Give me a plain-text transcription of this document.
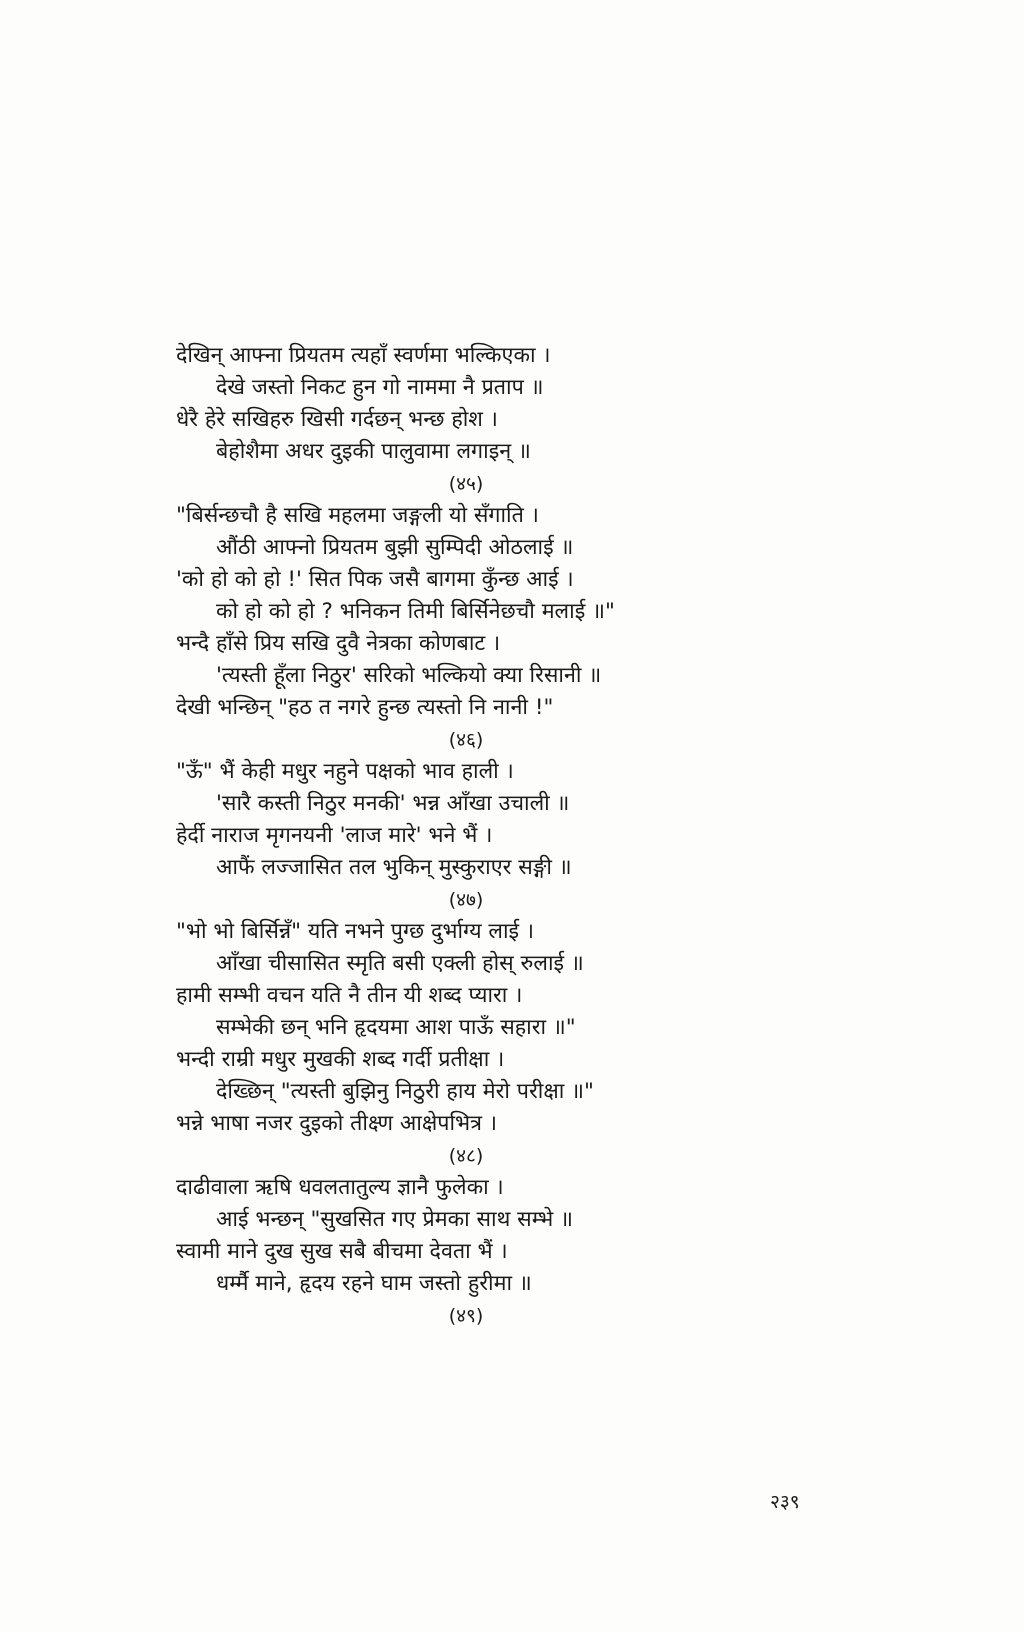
देखिन् आफ्ना प्रियतम त्यहाँ स्वर्णमा भल्किएका ।
देखे जस्तो निकट हुन गो नाममा नै प्रताप ॥
धेरै हेरे सखिहरु खिसी गर्दछन् भन्छ होश ।
बेहोशैमा अधर दुइकी पालुवामा लगाइन् ॥
(४५)
"बिर्सन्छचौ है सखि महलमा जङ्गली यो सँगाति ।
औंठी आफ्नो प्रियतम बुझी सुम्पिदी ओठलाई ॥
'को हो को हो !' सित पिक जसै बागमा कुँन्छ आई ।
को हो को हो ? भनिकन तिमी बिर्सिनेछचौ मलाई ॥"
भन्दै हाँसे प्रिय सखि दुवै नेत्रका कोणबाट ।
'त्यस्ती हूँला निठुर' सरिको भल्कियो क्या रिसानी ॥
देखी भन्छिन् "हठ त नगरे हुन्छ त्यस्तो नि नानी !"
(४६)
"ऊँ" भैं केही मधुर नहुने पक्षको भाव हाली ।
'सारै कस्ती निठुर मनकी' भन्न आँखा उचाली ॥
हेर्दी नाराज मृगनयनी 'लाज मारे' भने भैं ।
आफैं लज्जासित तल भुकिन् मुस्कुराएर सङ्गी ॥
(४७)
"भो भो बिर्सिन्नँ" यति नभने पुग्छ दुर्भाग्य लाई ।
आँखा चीसासित स्मृति बसी एक्ली होस् रुलाई ॥
हामी सम्भी वचन यति नै तीन यी शब्द प्यारा ।
सम्भेकी छन् भनि हृदयमा आश पाऊँ सहारा ॥"
भन्दी राम्री मधुर मुखकी शब्द गर्दी प्रतीक्षा ।
देख्छिन् "त्यस्ती बुझिनु निठुरी हाय मेरो परीक्षा ॥"
भन्ने भाषा नजर दुइको तीक्ष्ण आक्षेपभित्र ।
(४८)
दाढीवाला ऋषि धवलतातुल्य ज्ञानै फुलेका ।
आई भन्छन् "सुखसित गए प्रेमका साथ सम्भे ॥
स्वामी माने दुख सुख सबै बीचमा देवता भैं ।
धर्म्मै माने, हृदय रहने घाम जस्तो हुरीमा ॥
(४९)
२३९
